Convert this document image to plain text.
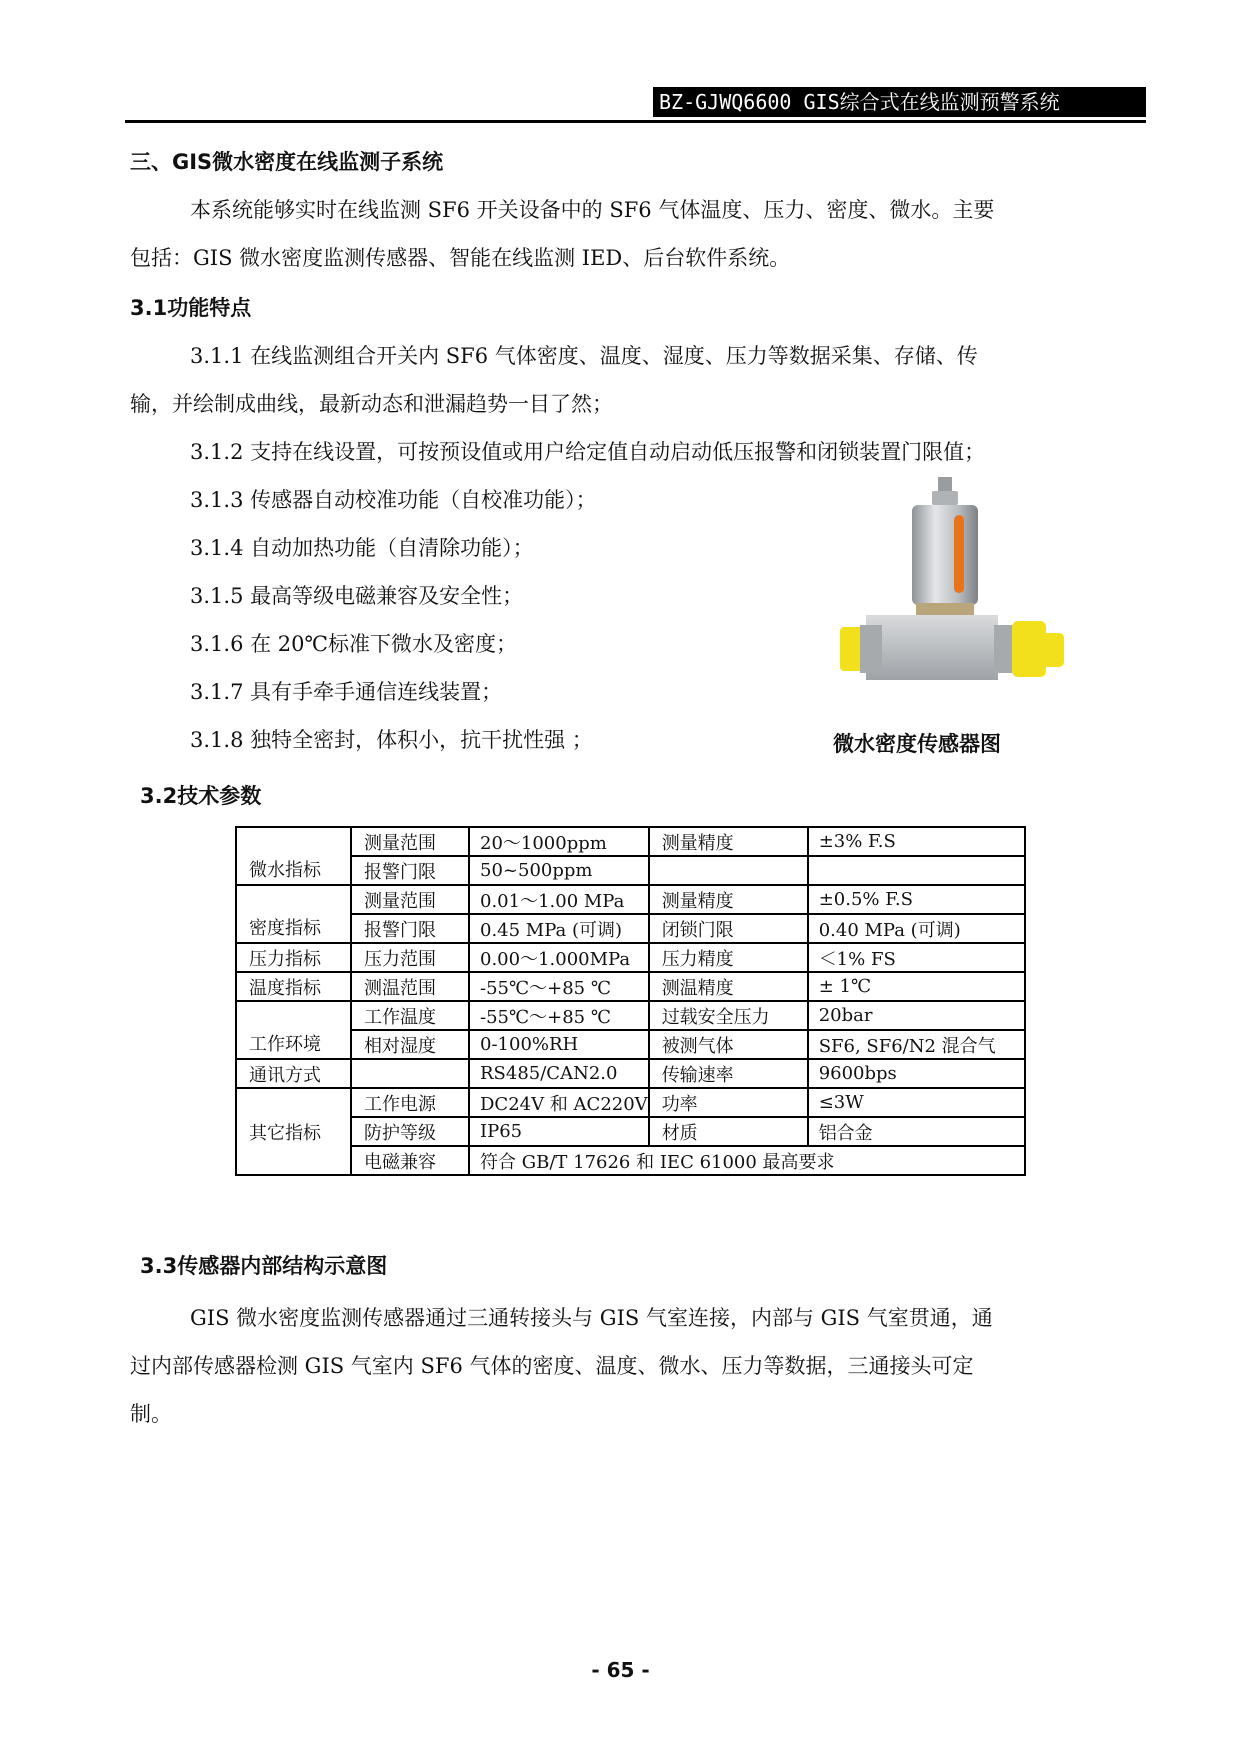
BZ-GJWQ6600 GIS综合式在线监测预警系统
三、GIS微水密度在线监测子系统
本系统能够实时在线监测 SF6 开关设备中的 SF6 气体温度、压力、密度、微水。主要
包括：GIS 微水密度监测传感器、智能在线监测 IED、后台软件系统。
3.1功能特点
3.1.1 在线监测组合开关内 SF6 气体密度、温度、湿度、压力等数据采集、存储、传
输，并绘制成曲线，最新动态和泄漏趋势一目了然；
3.1.2 支持在线设置，可按预设值或用户给定值自动启动低压报警和闭锁装置门限值；
3.1.3 传感器自动校准功能（自校准功能）；
3.1.4 自动加热功能（自清除功能）；
3.1.5 最高等级电磁兼容及安全性；
3.1.6 在 20℃标准下微水及密度；
3.1.7 具有手牵手通信连线装置；
3.1.8 独特全密封，体积小，抗干扰性强 ；	微水密度传感器图
3.2技术参数
微水指标	测量范围	20～1000ppm	测量精度	±3% F.S
	报警门限	50~500ppm		
密度指标	测量范围	0.01～1.00 MPa	测量精度	±0.5% F.S
	报警门限	0.45 MPa (可调)	闭锁门限	0.40 MPa (可调)
压力指标	压力范围	0.00～1.000MPa	压力精度	＜1% FS
温度指标	测温范围	-55℃～+85 ℃	测温精度	± 1℃
工作环境	工作温度	-55℃～+85 ℃	过载安全压力	20bar
	相对湿度	0-100%RH	被测气体	SF6, SF6/N2 混合气
通讯方式		RS485/CAN2.0	传输速率	9600bps
其它指标	工作电源	DC24V 和 AC220V	功率	≤3W
	防护等级	IP65	材质	铝合金
	电磁兼容	符合 GB/T 17626 和 IEC 61000 最高要求		
3.3传感器内部结构示意图
GIS 微水密度监测传感器通过三通转接头与 GIS 气室连接，内部与 GIS 气室贯通，通
过内部传感器检测 GIS 气室内 SF6 气体的密度、温度、微水、压力等数据，三通接头可定
制。
- 65 -
